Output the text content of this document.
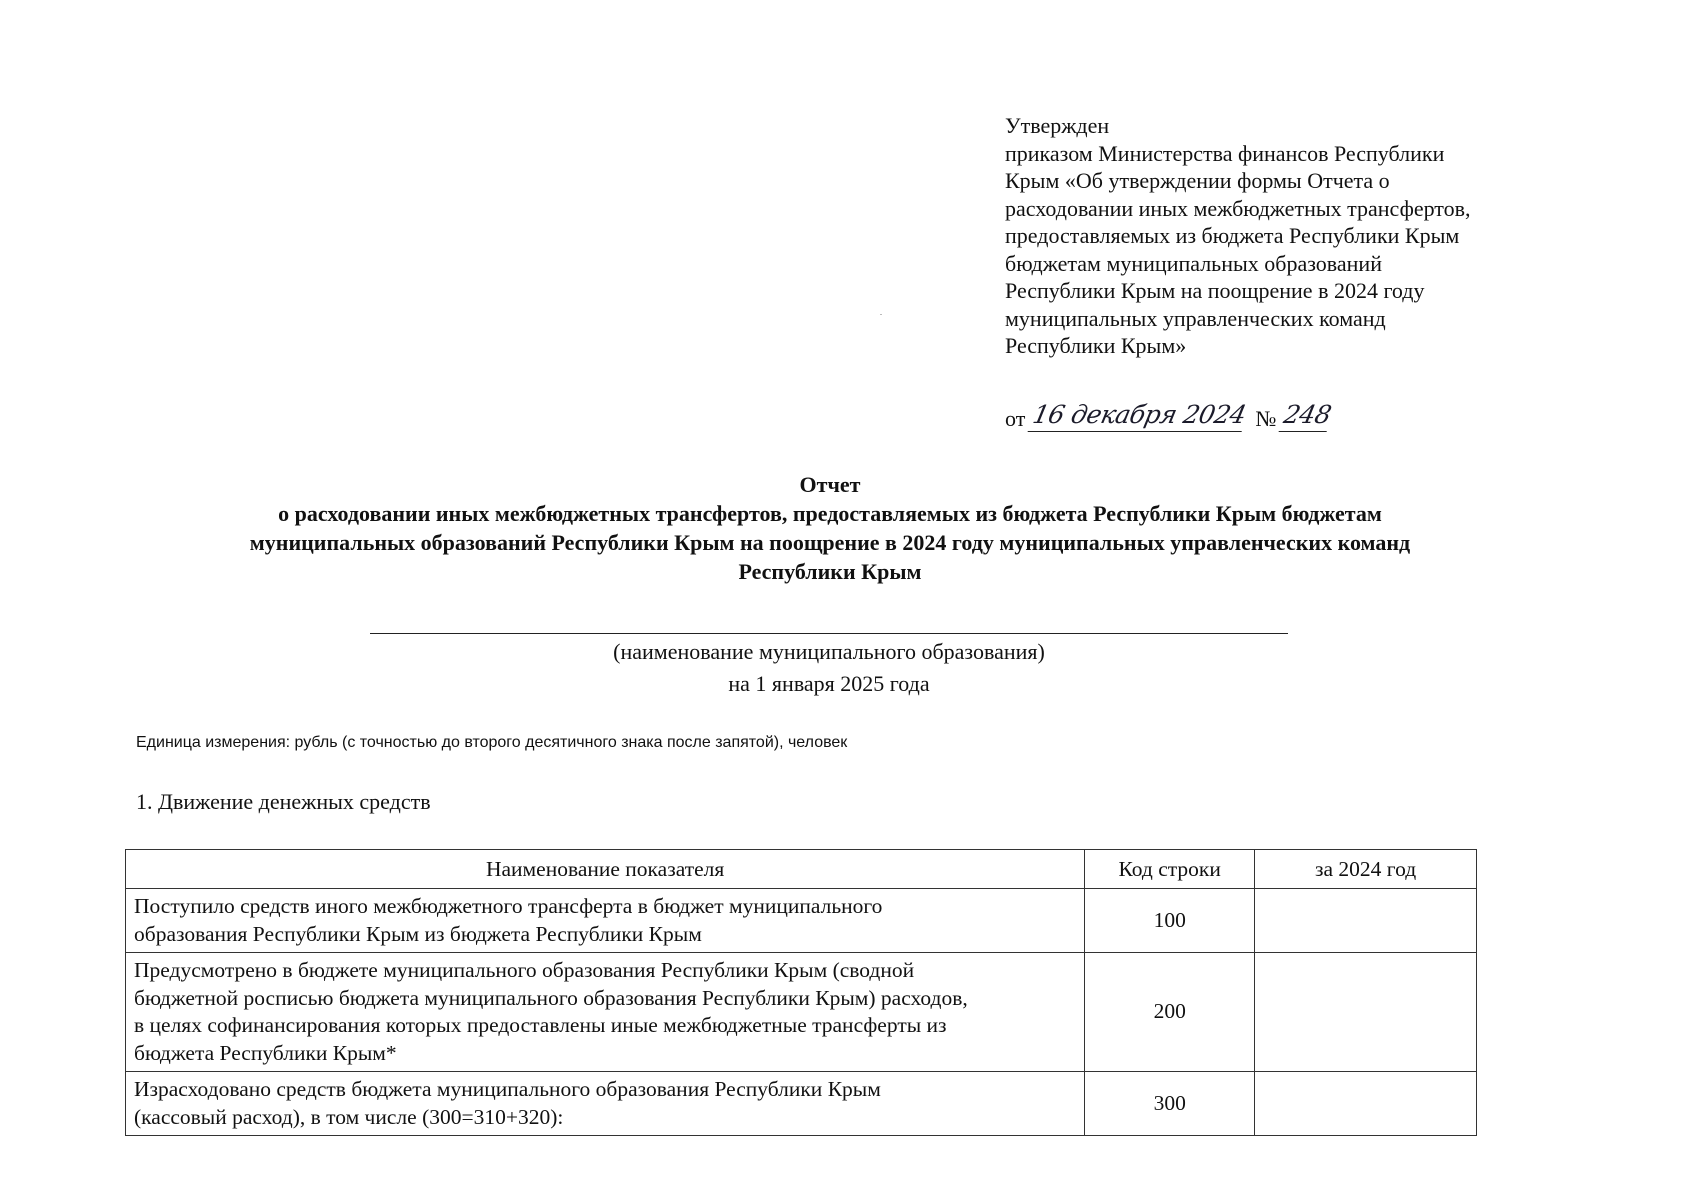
Утвержден
приказом Министерства финансов Республики
Крым «Об утверждении формы Отчета о
расходовании иных межбюджетных трансфертов,
предоставляемых из бюджета Республики Крым
бюджетам муниципальных образований
Республики Крым на поощрение в 2024 году
муниципальных управленческих команд
Республики Крым»
от 16 декабря 2024 № 248
Отчет
о расходовании иных межбюджетных трансфертов, предоставляемых из бюджета Республики Крым бюджетам
муниципальных образований Республики Крым на поощрение в 2024 году муниципальных управленческих команд
Республики Крым
(наименование муниципального образования)
на 1 января 2025 года
Единица измерения: рубль (с точностью до второго десятичного знака после запятой), человек
1. Движение денежных средств
Наименование показателя	Код строки	за 2024 год

Поступило средств иного межбюджетного трансферта в бюджет муниципального
образования Республики Крым из бюджета Республики Крым	100	

Предусмотрено в бюджете муниципального образования Республики Крым (сводной
бюджетной росписью бюджета муниципального образования Республики Крым) расходов,
в целях софинансирования которых предоставлены иные межбюджетные трансферты из
бюджета Республики Крым*	200	

Израсходовано средств бюджета муниципального образования Республики Крым
(кассовый расход), в том числе (300=310+320):	300	
